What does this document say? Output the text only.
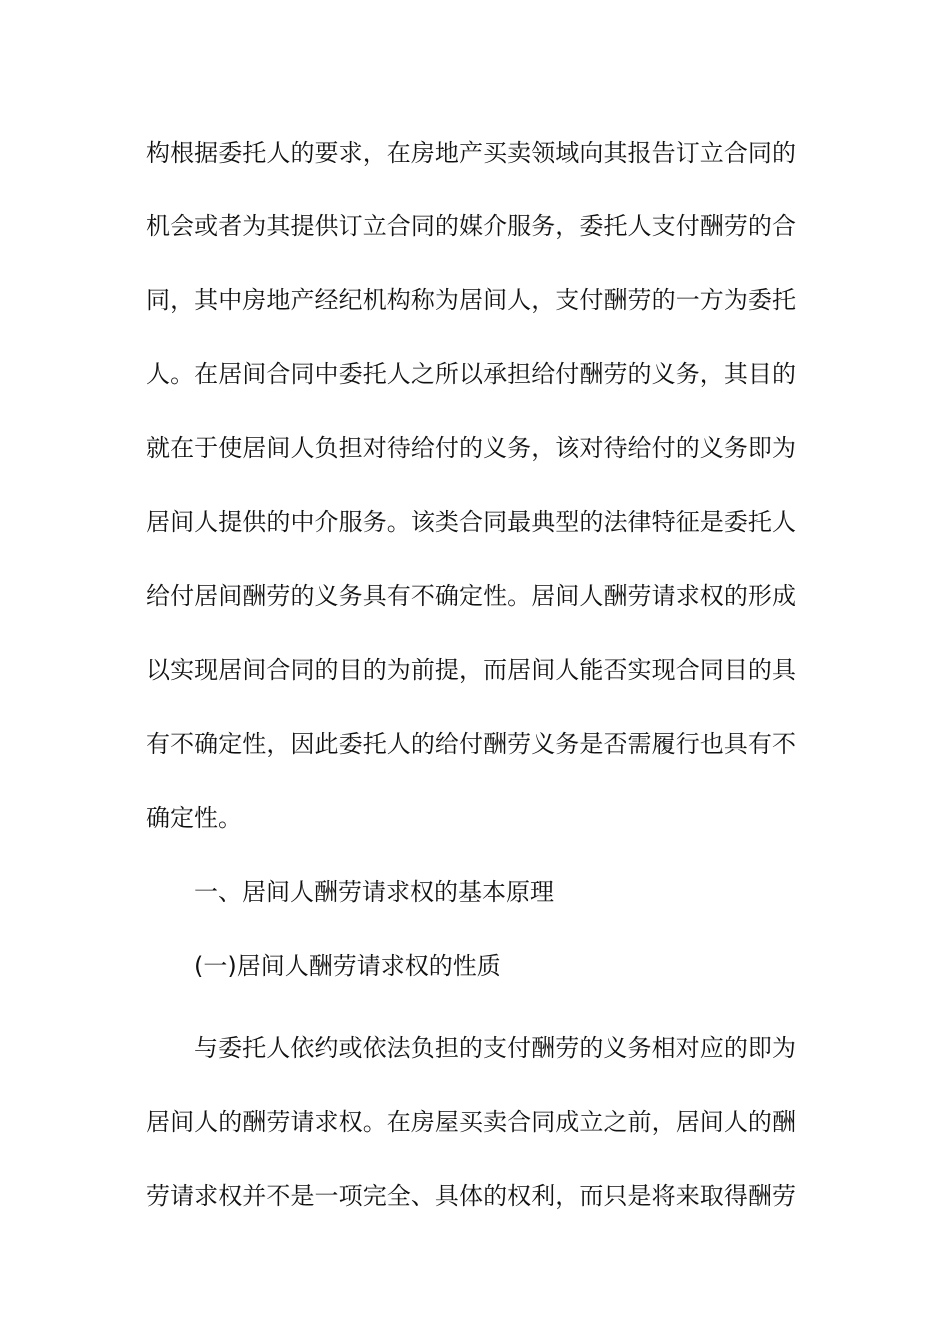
构根据委托人的要求，在房地产买卖领域向其报告订立合同的
机会或者为其提供订立合同的媒介服务，委托人支付酬劳的合
同，其中房地产经纪机构称为居间人，支付酬劳的一方为委托
人。在居间合同中委托人之所以承担给付酬劳的义务，其目的
就在于使居间人负担对待给付的义务，该对待给付的义务即为
居间人提供的中介服务。该类合同最典型的法律特征是委托人
给付居间酬劳的义务具有不确定性。居间人酬劳请求权的形成
以实现居间合同的目的为前提，而居间人能否实现合同目的具
有不确定性，因此委托人的给付酬劳义务是否需履行也具有不
确定性。
一、居间人酬劳请求权的基本原理
(一)居间人酬劳请求权的性质
与委托人依约或依法负担的支付酬劳的义务相对应的即为
居间人的酬劳请求权。在房屋买卖合同成立之前，居间人的酬
劳请求权并不是一项完全、具体的权利，而只是将来取得酬劳
